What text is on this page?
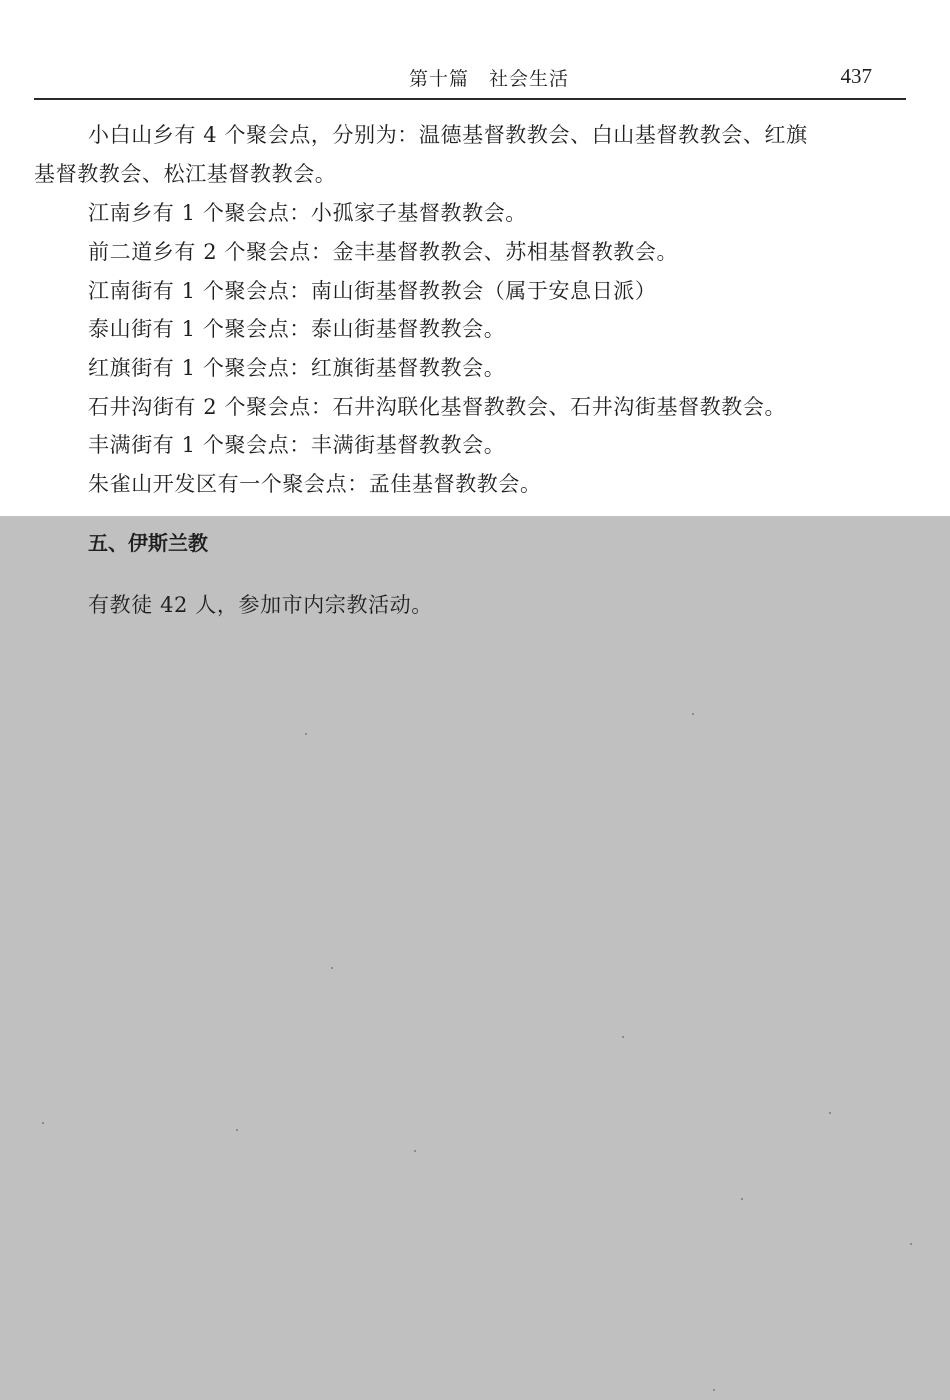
第十篇　社会生活	437
小白山乡有 4 个聚会点，分别为：温德基督教教会、白山基督教教会、红旗
基督教教会、松江基督教教会。
江南乡有 1 个聚会点：小孤家子基督教教会。
前二道乡有 2 个聚会点：金丰基督教教会、苏相基督教教会。
江南街有 1 个聚会点：南山街基督教教会（属于安息日派）
泰山街有 1 个聚会点：泰山街基督教教会。
红旗街有 1 个聚会点：红旗街基督教教会。
石井沟街有 2 个聚会点：石井沟联化基督教教会、石井沟街基督教教会。
丰满街有 1 个聚会点：丰满街基督教教会。
朱雀山开发区有一个聚会点：孟佳基督教教会。
五、伊斯兰教
有教徒 42 人，参加市内宗教活动。
